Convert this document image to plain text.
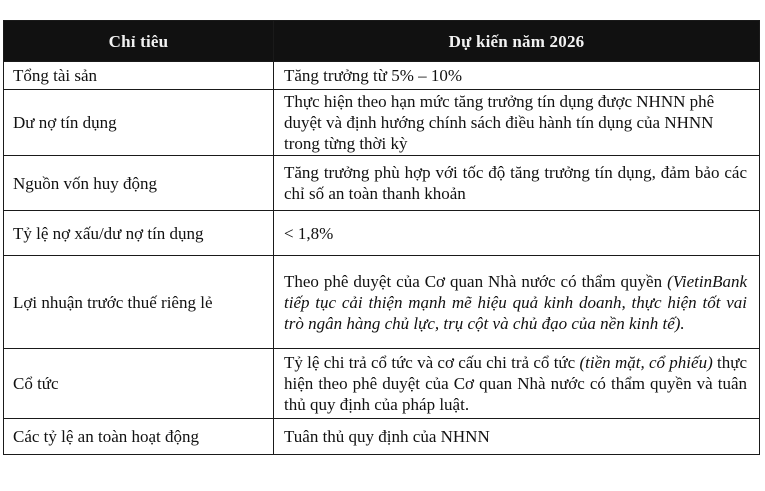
Chỉ tiêu	Dự kiến năm 2026
Tổng tài sản	Tăng trưởng từ 5% – 10%
Dư nợ tín dụng	Thực hiện theo hạn mức tăng trưởng tín dụng được NHNN phê duyệt và định hướng chính sách điều hành tín dụng của NHNN trong từng thời kỳ
Nguồn vốn huy động	Tăng trưởng phù hợp với tốc độ tăng trưởng tín dụng, đảm bảo các chỉ số an toàn thanh khoản
Tỷ lệ nợ xấu/dư nợ tín dụng	< 1,8%
Lợi nhuận trước thuế riêng lẻ	Theo phê duyệt của Cơ quan Nhà nước có thẩm quyền (VietinBank tiếp tục cải thiện mạnh mẽ hiệu quả kinh doanh, thực hiện tốt vai trò ngân hàng chủ lực, trụ cột và chủ đạo của nền kinh tế).
Cổ tức	Tỷ lệ chi trả cổ tức và cơ cấu chi trả cổ tức (tiền mặt, cổ phiếu) thực hiện theo phê duyệt của Cơ quan Nhà nước có thẩm quyền và tuân thủ quy định của pháp luật.
Các tỷ lệ an toàn hoạt động	Tuân thủ quy định của NHNN
